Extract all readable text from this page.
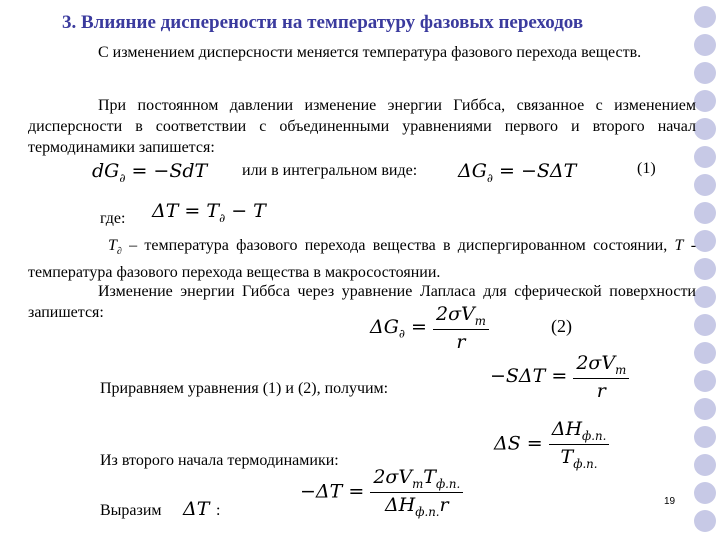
3. Влияние дисперености на температуру фазовых переходов
С изменением дисперсности меняется температура фазового перехода веществ.
При постоянном давлении изменение энергии Гиббса, связанное с изменением дисперсности в соответствии с объединенными уравнениями первого и второго начал термодинамики запишется:
$dG_\partial = -SdT$ или в интегральном виде: $\Delta G_\partial = -S\Delta T$	(1)
где: $\Delta T = T_\partial - T$
$T_\partial$ – температура фазового перехода вещества в диспергированном состоянии, T - температура фазового перехода вещества в макросостоянии.
Изменение энергии Гиббса через уравнение Лапласа для сферической поверхности запишется:
$\Delta G_\partial = \frac{2\sigma V_m}{r}$	(2)
Приравняем уравнения (1) и (2), получим:
$-S\Delta T = \frac{2\sigma V_m}{r}$
Из второго начала термодинамики:
$\Delta S = \frac{\Delta H_{ф.п.}}{T_{ф.п.}}$
Выразим ΔT :
$-\Delta T = \frac{2\sigma V_mT_{ф.п.}}{\Delta H_{ф.п.}r}$	19
